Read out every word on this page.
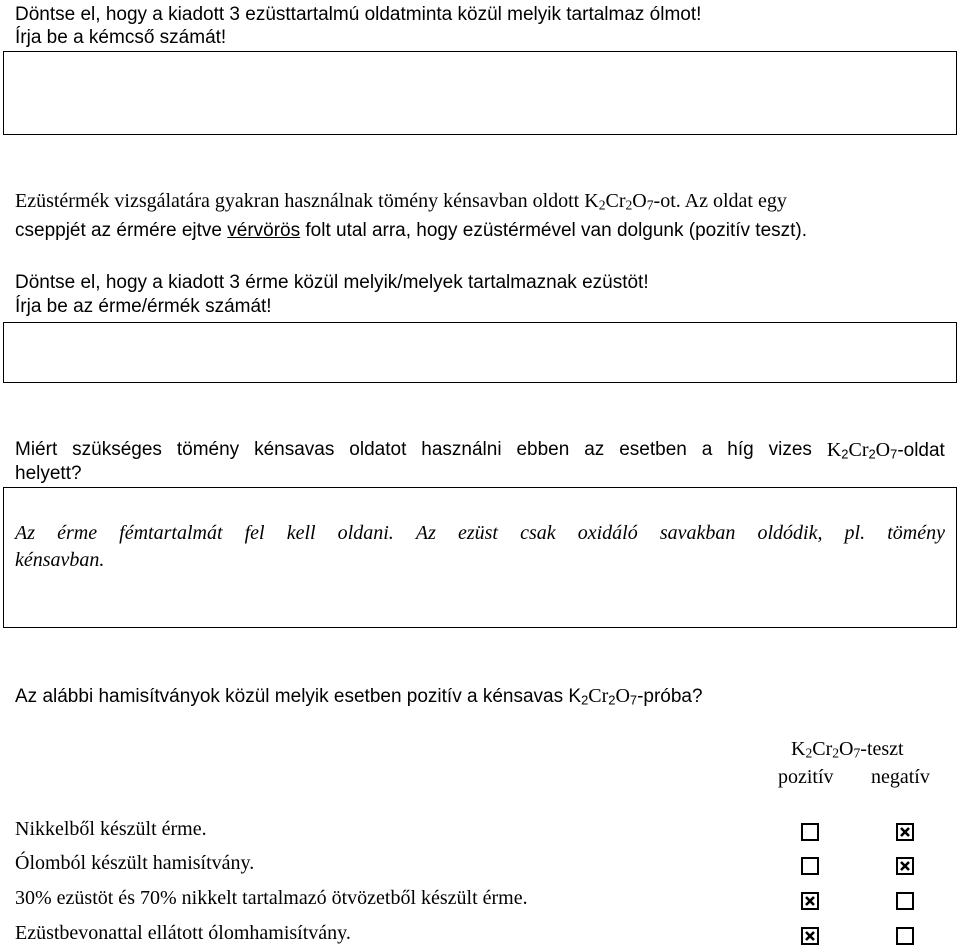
Döntse el, hogy a kiadott 3 ezüsttartalmú oldatminta közül melyik tartalmaz ólmot!
Írja be a kémcső számát!
Ezüstérmék vizsgálatára gyakran használnak tömény kénsavban oldott $K_2Cr_2O_7-ot$. Az oldat egy
cseppjét az érmére ejtve vérvörös folt utal arra, hogy ezüstérmével van dolgunk (pozitív teszt).
Döntse el, hogy a kiadott 3 érme közül melyik/melyek tartalmaznak ezüstöt!
Írja be az érme/érmék számát!
Miért szükséges tömény kénsavas oldatot használni ebben az esetben a híg vizes $K_2Cr_2O_7$-oldat
helyett?
Az érme fémtartalmát fel kell oldani. Az ezüst csak oxidáló savakban oldódik, pl. tömény
kénsavban.
Az alábbi hamisítványok közül melyik esetben pozitív a kénsavas $K_2Cr_2O_7$-próba?
$K_2Cr_2O_7$-teszt
pozitív negatív
Nikkelből készült érme.
Ólomból készült hamisítvány.
30% ezüstöt és 70% nikkelt tartalmazó ötvözetből készült érme.
Ezüstbevonattal ellátott ólomhamisítvány.
